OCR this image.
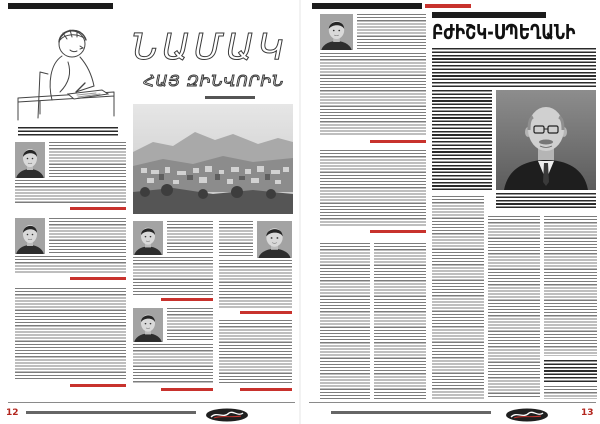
ՆԱՄԱԿ
ՀԱՅ ԶԻՆՎՈՐԻՆ
12
ԲԺԻՇԿ-ՍՊԵՂԱՆԻ
13
